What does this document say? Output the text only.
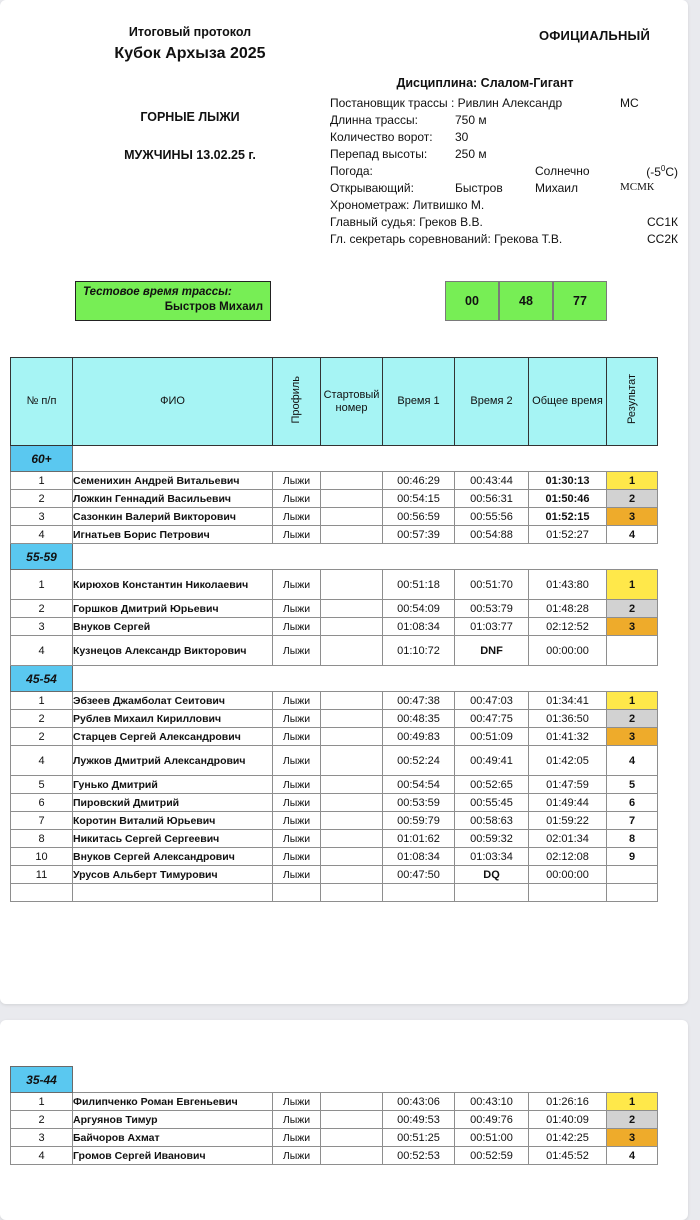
Итоговый протокол
Кубок Архыза 2025
ОФИЦИАЛЬНЫЙ
ГОРНЫЕ ЛЫЖИ
МУЖЧИНЫ 13.02.25 г.
Дисциплина: Слалом-Гигант
Постановщик трассы : Ривлин Александр	МС
Длинна трассы:	750 м
Количество ворот: 30
Перепад высоты: 250 м
Погода:	Солнечно	$(-5^0С)$
Открывающий:	Быстров	Михаил	МСМК
Хронометраж: Литвишко М.
Главный судья: Греков В.В.	СС1К
Гл. секретарь соревнований: Грекова Т.В.	СС2К
Тестовое время трассы:
Быстров Михаил	00	48	77
№ п/п	ФИО	Профиль	Стартовый номер	Время 1	Время 2	Общее время	Результат
60+							
1	Семенихин Андрей Витальевич	Лыжи		00:46:29	00:43:44	01:30:13	1
2	Ложкин Геннадий Васильевич	Лыжи		00:54:15	00:56:31	01:50:46	2
3	Сазонкин Валерий Викторович	Лыжи		00:56:59	00:55:56	01:52:15	3
4	Игнатьев Борис Петрович	Лыжи		00:57:39	00:54:88	01:52:27	4
55-59							
1	Кирюхов Константин Николаевич	Лыжи		00:51:18	00:51:70	01:43:80	1
2	Горшков Дмитрий Юрьевич	Лыжи		00:54:09	00:53:79	01:48:28	2
3	Внуков Сергей	Лыжи		01:08:34	01:03:77	02:12:52	3
4	Кузнецов Александр Викторович	Лыжи		01:10:72	DNF	00:00:00	
45-54							
1	Эбзеев Джамболат Сеитович	Лыжи		00:47:38	00:47:03	01:34:41	1
2	Рублев Михаил Кириллович	Лыжи		00:48:35	00:47:75	01:36:50	2
2	Старцев Сергей Александрович	Лыжи		00:49:83	00:51:09	01:41:32	3
4	Лужков Дмитрий Александрович	Лыжи		00:52:24	00:49:41	01:42:05	4
5	Гунько Дмитрий	Лыжи		00:54:54	00:52:65	01:47:59	5
6	Пировский Дмитрий	Лыжи		00:53:59	00:55:45	01:49:44	6
7	Коротин Виталий Юрьевич	Лыжи		00:59:79	00:58:63	01:59:22	7
8	Никитась Сергей Сергеевич	Лыжи		01:01:62	00:59:32	02:01:34	8
10	Внуков Сергей Александрович	Лыжи		01:08:34	01:03:34	02:12:08	9
11	Урусов Альберт Тимурович	Лыжи		00:47:50	DQ	00:00:00	

35-44							
1	Филипченко Роман Евгеньевич	Лыжи		00:43:06	00:43:10	01:26:16	1
2	Аргуянов Тимур	Лыжи		00:49:53	00:49:76	01:40:09	2
3	Байчоров Ахмат	Лыжи		00:51:25	00:51:00	01:42:25	3
4	Громов Сергей Иванович	Лыжи		00:52:53	00:52:59	01:45:52	4
